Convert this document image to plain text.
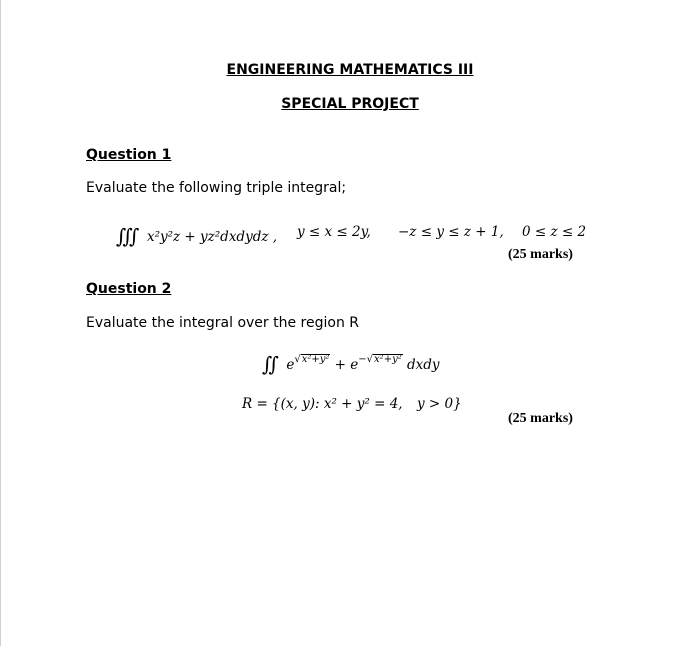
ENGINEERING MATHEMATICS III
SPECIAL PROJECT
Question 1
Evaluate the following triple integral;
∭ x²y²z + yz²dxdydz , y ≤ x ≤ 2y, −z ≤ y ≤ z + 1, 0 ≤ z ≤ 2
(25 marks)
Question 2
Evaluate the integral over the region R
∬ $e^{√x^2+y^2} + e^{-√x^2+y^2}$ dxdy
R = {(x, y): x² + y² = 4, y > 0}
(25 marks)
